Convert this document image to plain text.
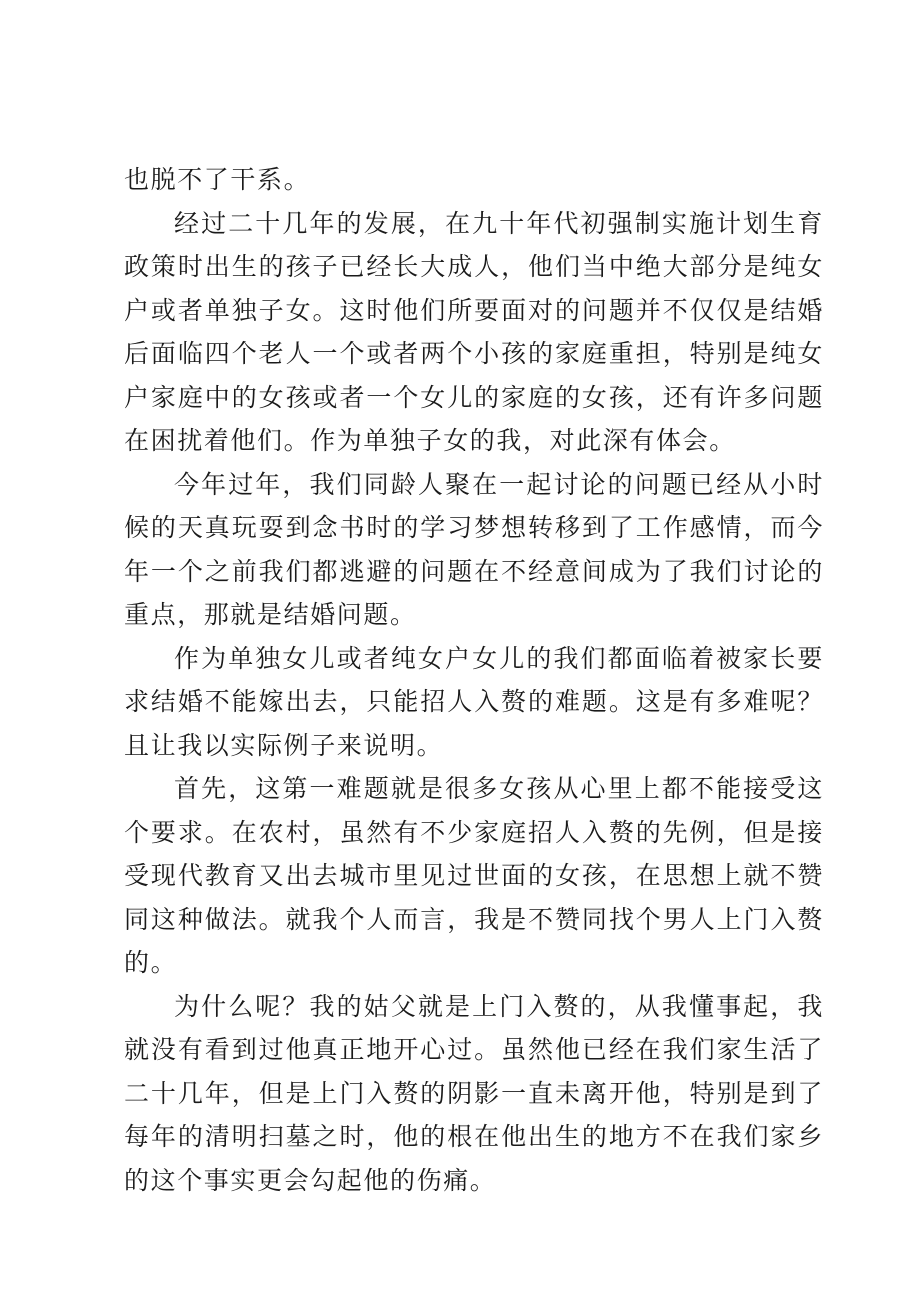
也脱不了干系。

经过二十几年的发展，在九十年代初强制实施计划生育政策时出生的孩子已经长大成人，他们当中绝大部分是纯女户或者单独子女。这时他们所要面对的问题并不仅仅是结婚后面临四个老人一个或者两个小孩的家庭重担，特别是纯女户家庭中的女孩或者一个女儿的家庭的女孩，还有许多问题在困扰着他们。作为单独子女的我，对此深有体会。

今年过年，我们同龄人聚在一起讨论的问题已经从小时候的天真玩耍到念书时的学习梦想转移到了工作感情，而今年一个之前我们都逃避的问题在不经意间成为了我们讨论的重点，那就是结婚问题。

作为单独女儿或者纯女户女儿的我们都面临着被家长要求结婚不能嫁出去，只能招人入赘的难题。这是有多难呢？且让我以实际例子来说明。

首先，这第一难题就是很多女孩从心里上都不能接受这个要求。在农村，虽然有不少家庭招人入赘的先例，但是接受现代教育又出去城市里见过世面的女孩，在思想上就不赞同这种做法。就我个人而言，我是不赞同找个男人上门入赘的。

为什么呢？我的姑父就是上门入赘的，从我懂事起，我就没有看到过他真正地开心过。虽然他已经在我们家生活了二十几年，但是上门入赘的阴影一直未离开他，特别是到了每年的清明扫墓之时，他的根在他出生的地方不在我们家乡的这个事实更会勾起他的伤痛。
